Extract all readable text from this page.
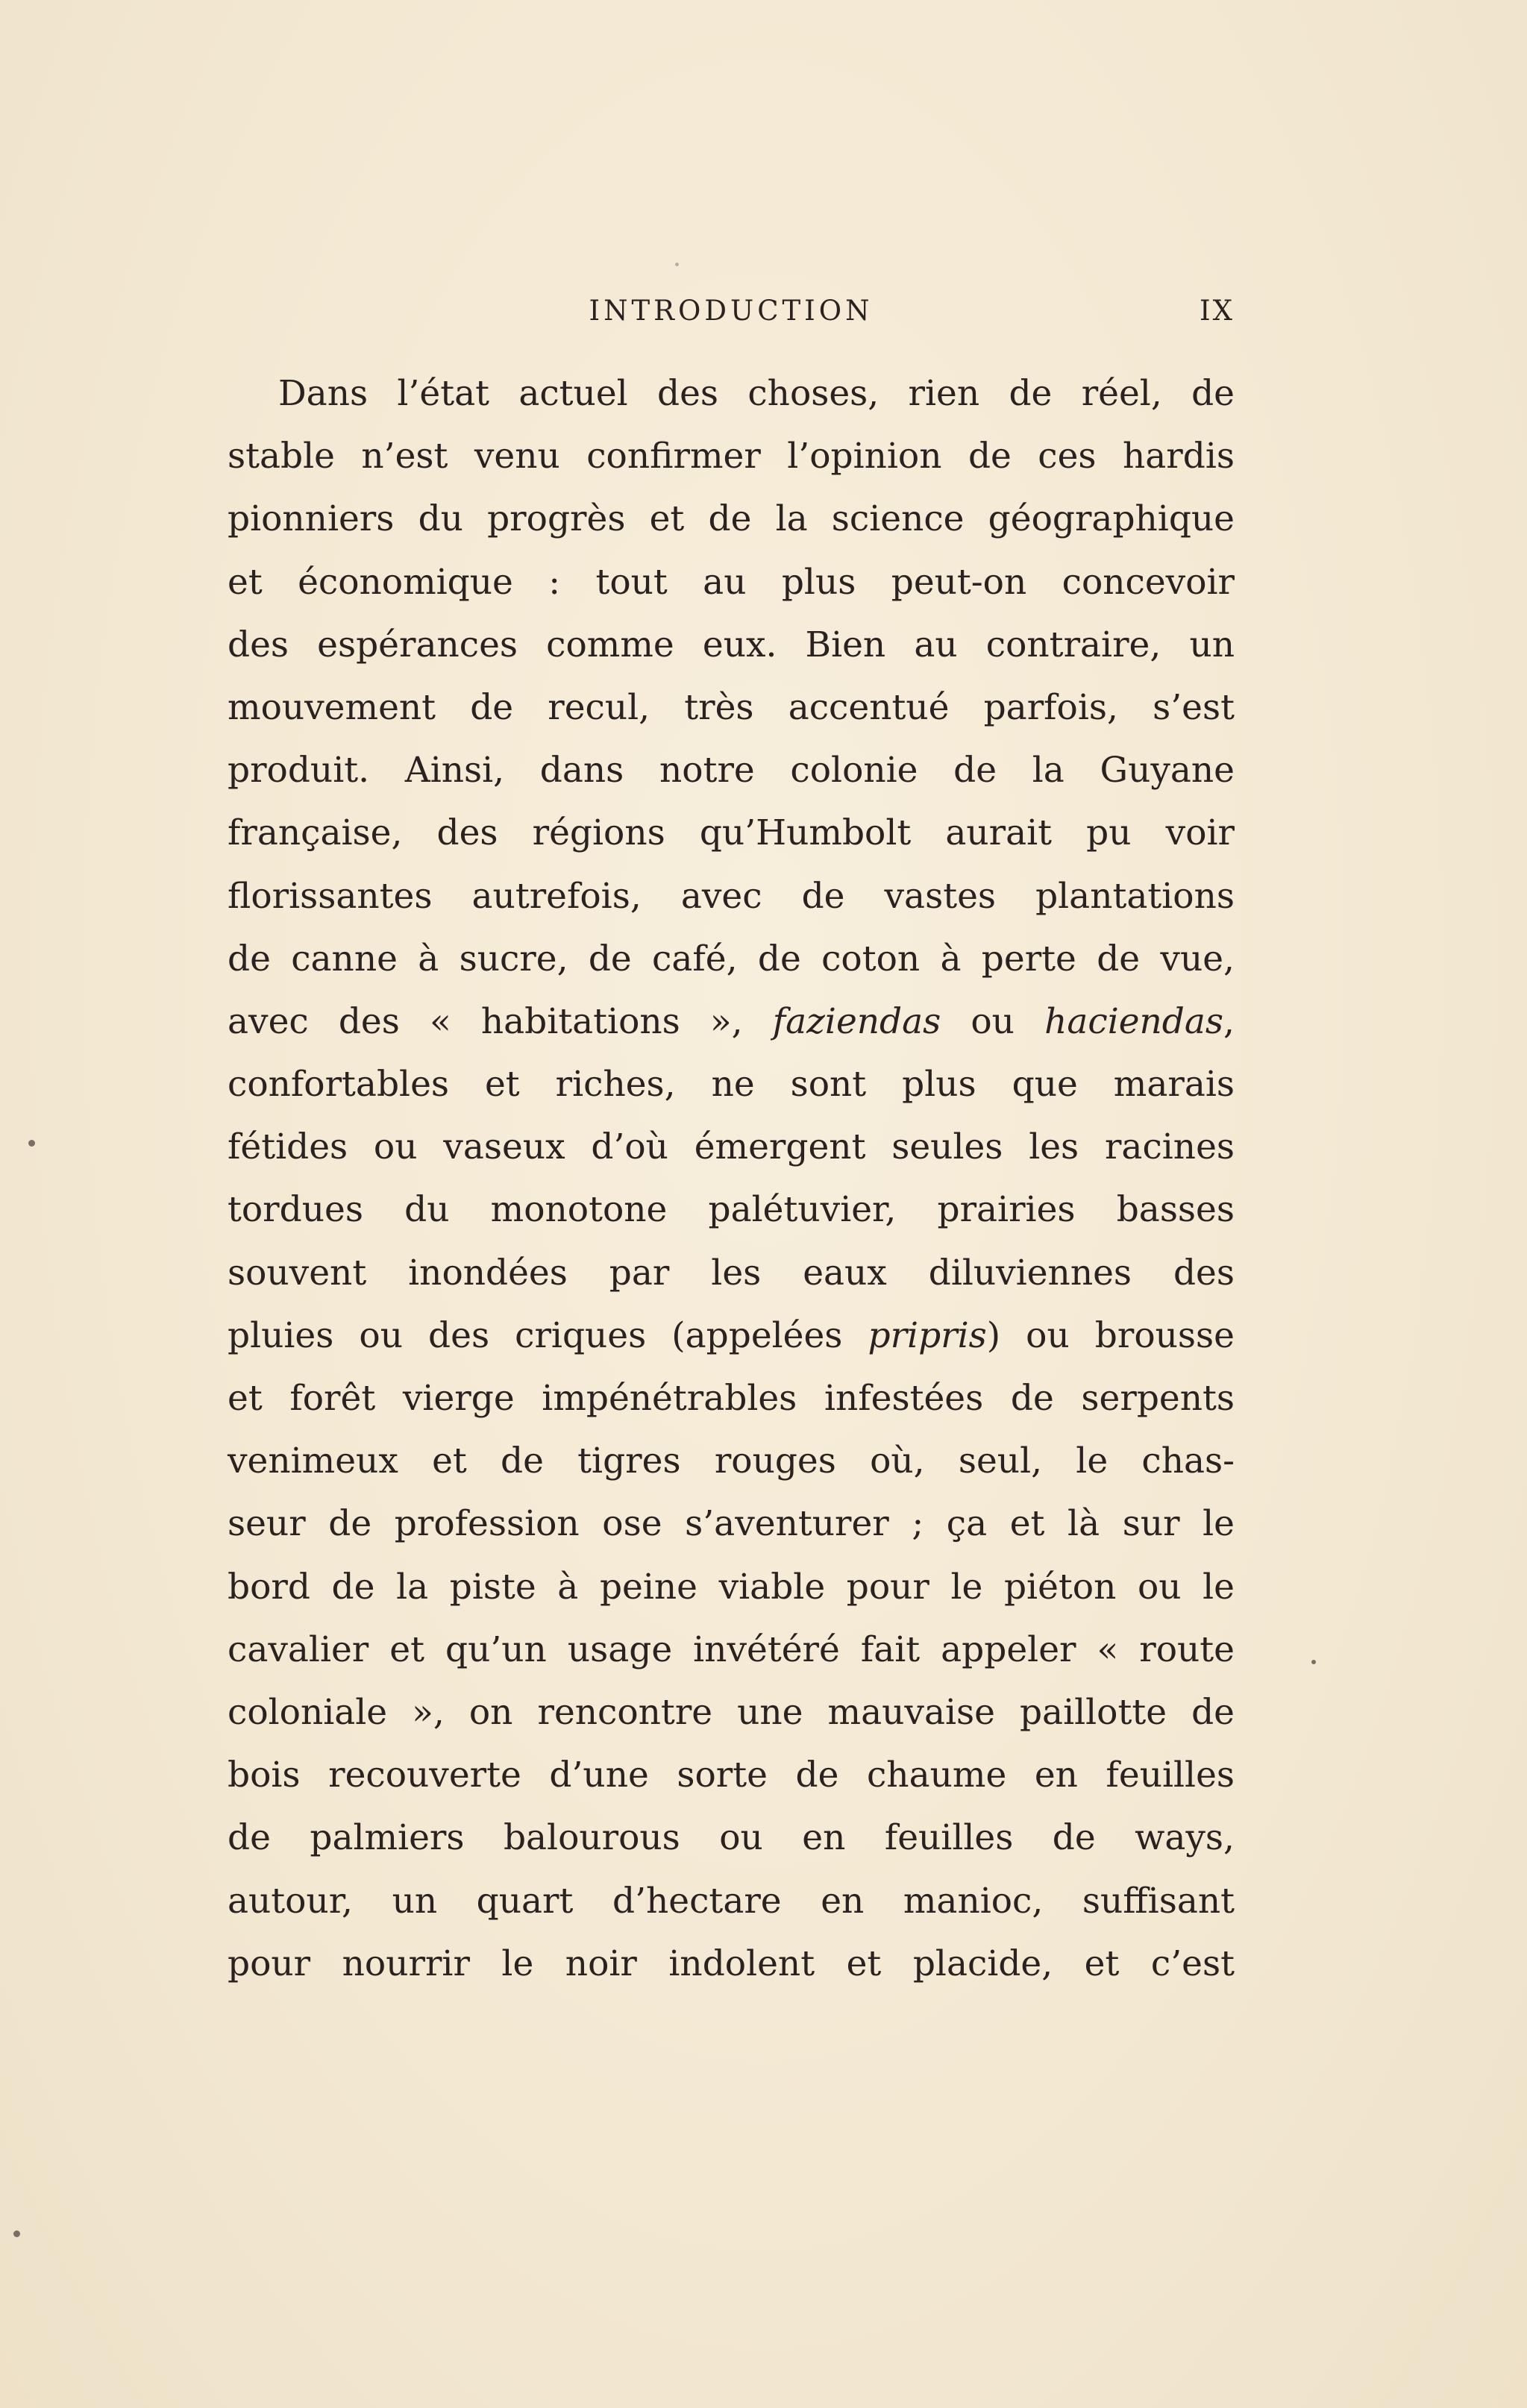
INTRODUCTION	IX
Dans l’état actuel des choses, rien de réel, de
stable n’est venu confirmer l’opinion de ces hardis
pionniers du progrès et de la science géographique
et économique : tout au plus peut-on concevoir
des espérances comme eux. Bien au contraire, un
mouvement de recul, très accentué parfois, s’est
produit. Ainsi, dans notre colonie de la Guyane
française, des régions qu’Humbolt aurait pu voir
florissantes autrefois, avec de vastes plantations
de canne à sucre, de café, de coton à perte de vue,
avec des « habitations », faziendas ou haciendas,
confortables et riches, ne sont plus que marais
fétides ou vaseux d’où émergent seules les racines
tordues du monotone palétuvier, prairies basses
souvent inondées par les eaux diluviennes des
pluies ou des criques (appelées pripris) ou brousse
et forêt vierge impénétrables infestées de serpents
venimeux et de tigres rouges où, seul, le chas-
seur de profession ose s’aventurer ; ça et là sur le
bord de la piste à peine viable pour le piéton ou le
cavalier et qu’un usage invétéré fait appeler « route
coloniale », on rencontre une mauvaise paillotte de
bois recouverte d’une sorte de chaume en feuilles
de palmiers balourous ou en feuilles de ways,
autour, un quart d’hectare en manioc, suffisant
pour nourrir le noir indolent et placide, et c’est
